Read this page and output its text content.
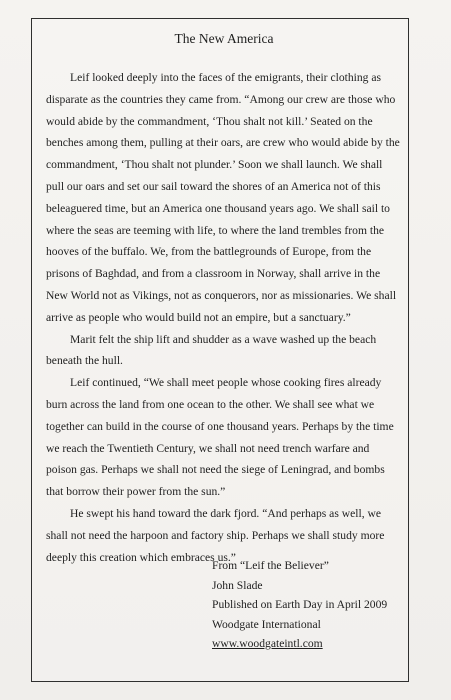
The New America

Leif looked deeply into the faces of the emigrants, their clothing as disparate as the countries they came from. “Among our crew are those who would abide by the commandment, ‘Thou shalt not kill.’ Seated on the benches among them, pulling at their oars, are crew who would abide by the commandment, ‘Thou shalt not plunder.’ Soon we shall launch. We shall pull our oars and set our sail toward the shores of an America not of this beleaguered time, but an America one thousand years ago. We shall sail to where the seas are teeming with life, to where the land trembles from the hooves of the buffalo. We, from the battlegrounds of Europe, from the prisons of Baghdad, and from a classroom in Norway, shall arrive in the New World not as Vikings, not as conquerors, nor as missionaries. We shall arrive as people who would build not an empire, but a sanctuary.”

Marit felt the ship lift and shudder as a wave washed up the beach beneath the hull.

Leif continued, “We shall meet people whose cooking fires already burn across the land from one ocean to the other. We shall see what we together can build in the course of one thousand years. Perhaps by the time we reach the Twentieth Century, we shall not need trench warfare and poison gas. Perhaps we shall not need the siege of Leningrad, and bombs that borrow their power from the sun.”

He swept his hand toward the dark fjord. “And perhaps as well, we shall not need the harpoon and factory ship. Perhaps we shall study more deeply this creation which embraces us.”

From “Leif the Believer”
John Slade
Published on Earth Day in April 2009
Woodgate International
www.woodgateintl.com
